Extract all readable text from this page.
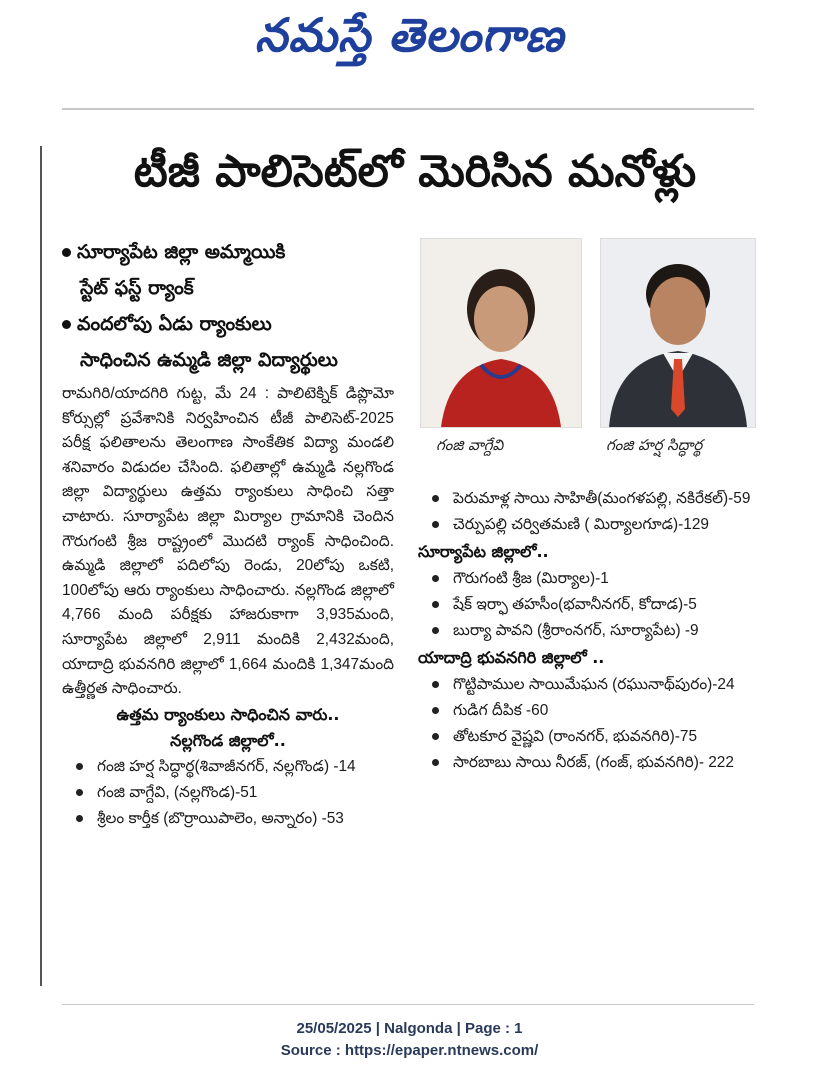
నమస్తే తెలంగాణ
టీజీ పాలిసెట్‌లో మెరిసిన మనోళ్లు
సూర్యాపేట జిల్లా అమ్మాయికి
స్టేట్ ఫస్ట్ ర్యాంక్
వందలోపు ఏడు ర్యాంకులు
సాధించిన ఉమ్మడి జిల్లా విద్యార్థులు
రామగిరి/యాదగిరి గుట్ట, మే 24 : పాలిటెక్నిక్ డిప్లొమో కోర్సుల్లో ప్రవేశానికి నిర్వహించిన టీజీ పాలిసెట్-2025 పరీక్ష ఫలితాలను తెలంగాణ సాంకేతిక విద్యా మండలి శనివారం విడుదల చేసింది. ఫలితాల్లో ఉమ్మడి నల్లగొండ జిల్లా విద్యార్థులు ఉత్తమ ర్యాంకులు సాధించి సత్తా చాటారు. సూర్యాపేట జిల్లా మిర్యాల గ్రామానికి చెందిన గౌరుగంటి శ్రీజ రాష్ట్రంలో మొదటి ర్యాంక్ సాధించింది. ఉమ్మడి జిల్లాలో పదిలోపు రెండు, 20లోపు ఒకటి, 100లోపు ఆరు ర్యాంకులు సాధించారు. నల్లగొండ జిల్లాలో 4,766 మంది పరీక్షకు హాజరుకాగా 3,935మంది, సూర్యాపేట జిల్లాలో 2,911 మందికి 2,432మంది, యాదాద్రి భువనగిరి జిల్లాలో 1,664 మందికి 1,347మంది ఉత్తీర్ణత సాధించారు.
ఉత్తమ ర్యాంకులు సాధించిన వారు..
నల్లగొండ జిల్లాలో..
గంజి హర్ష సిద్ధార్థ(శివాజీనగర్, నల్లగొండ) -14
గంజి వాగ్దేవి, (నల్లగొండ)-51
శ్రీలం కార్తీక (బొర్రాయిపాలెం, అన్నారం) -53
గంజి వాగ్దేవి	గంజి హర్ష సిద్ధార్థ
పెరుమాళ్ల సాయి సాహితీ(మంగళపల్లి, నకిరేకల్)-59
చెర్పుపల్లి చర్వితమణి ( మిర్యాలగూడ)-129
సూర్యాపేట జిల్లాలో..
గౌరుగంటి శ్రీజ (మిర్యాల)-1
షేక్ ఇర్ఫా తహసీం(భవానీనగర్, కోదాడ)-5
బుర్యా పావని (శ్రీరాంనగర్, సూర్యాపేట) -9
యాదాద్రి భువనగిరి జిల్లాలో ..
గొట్టిపాముల సాయిమేఘన (రఘునాథ్‌పురం)-24
గుడిగ దీపిక -60
తోటకూర వైష్ణవి (రాంనగర్, భువనగిరి)-75
సారబాబు సాయి నీరజ్, (గంజ్, భువనగిరి)- 222
25/05/2025 | Nalgonda | Page : 1
Source : https://epaper.ntnews.com/
